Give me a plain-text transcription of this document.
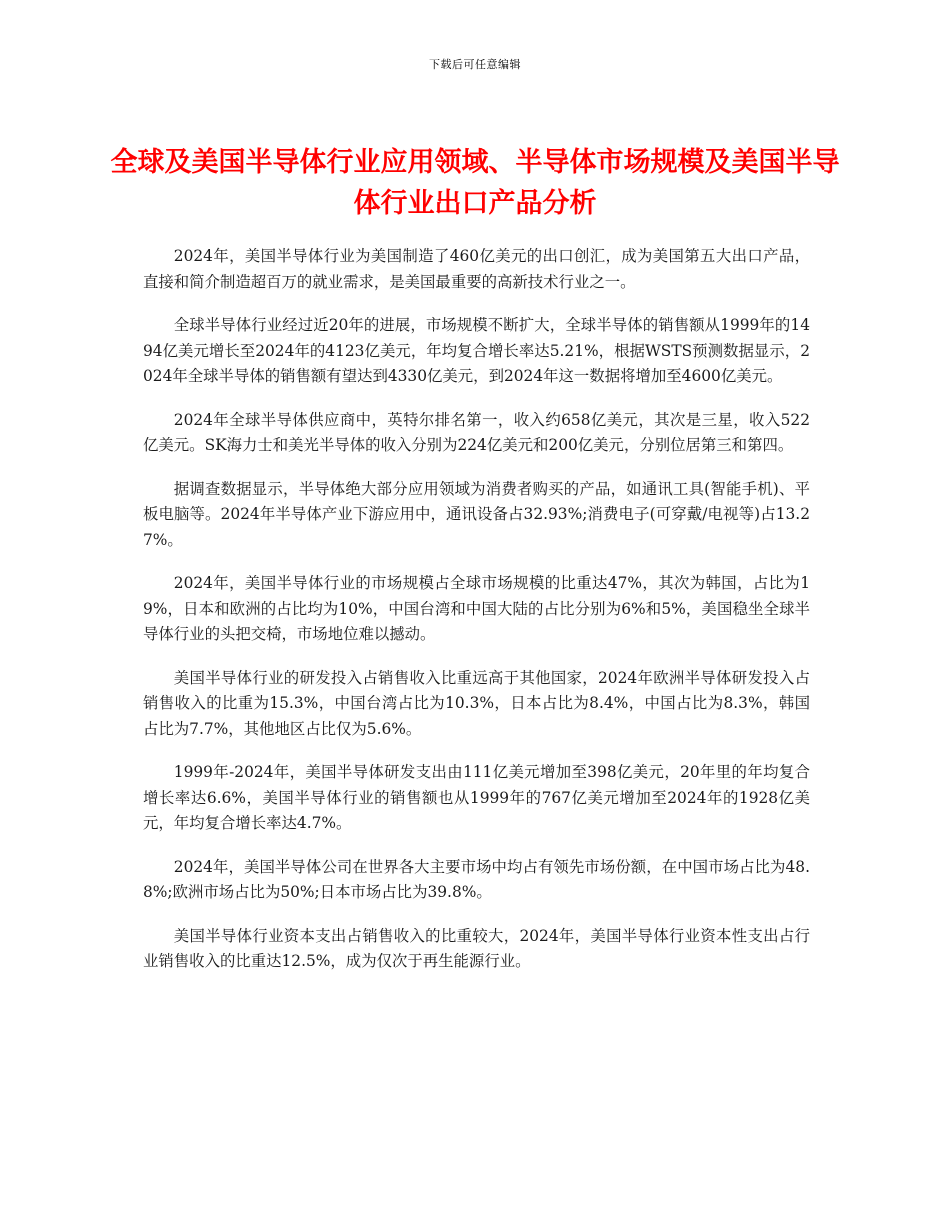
下载后可任意编辑
全球及美国半导体行业应用领域、半导体市场规模及美国半导体行业出口产品分析

2024年，美国半导体行业为美国制造了460亿美元的出口创汇，成为美国第五大出口产品，直接和简介制造超百万的就业需求，是美国最重要的高新技术行业之一。

全球半导体行业经过近20年的进展，市场规模不断扩大，全球半导体的销售额从1999年的1494亿美元增长至2024年的4123亿美元，年均复合增长率达5.21%，根据WSTS预测数据显示，2024年全球半导体的销售额有望达到4330亿美元，到2024年这一数据将增加至4600亿美元。

2024年全球半导体供应商中，英特尔排名第一，收入约658亿美元，其次是三星，收入522亿美元。SK海力士和美光半导体的收入分别为224亿美元和200亿美元，分别位居第三和第四。

据调查数据显示，半导体绝大部分应用领域为消费者购买的产品，如通讯工具(智能手机)、平板电脑等。2024年半导体产业下游应用中，通讯设备占32.93%;消费电子(可穿戴/电视等)占13.27%。

2024年，美国半导体行业的市场规模占全球市场规模的比重达47%，其次为韩国，占比为19%，日本和欧洲的占比均为10%，中国台湾和中国大陆的占比分别为6%和5%，美国稳坐全球半导体行业的头把交椅，市场地位难以撼动。

美国半导体行业的研发投入占销售收入比重远高于其他国家，2024年欧洲半导体研发投入占销售收入的比重为15.3%，中国台湾占比为10.3%，日本占比为8.4%，中国占比为8.3%，韩国占比为7.7%，其他地区占比仅为5.6%。

1999年-2024年，美国半导体研发支出由111亿美元增加至398亿美元，20年里的年均复合增长率达6.6%，美国半导体行业的销售额也从1999年的767亿美元增加至2024年的1928亿美元，年均复合增长率达4.7%。

2024年，美国半导体公司在世界各大主要市场中均占有领先市场份额，在中国市场占比为48.8%;欧洲市场占比为50%;日本市场占比为39.8%。

美国半导体行业资本支出占销售收入的比重较大，2024年，美国半导体行业资本性支出占行业销售收入的比重达12.5%，成为仅次于再生能源行业。
